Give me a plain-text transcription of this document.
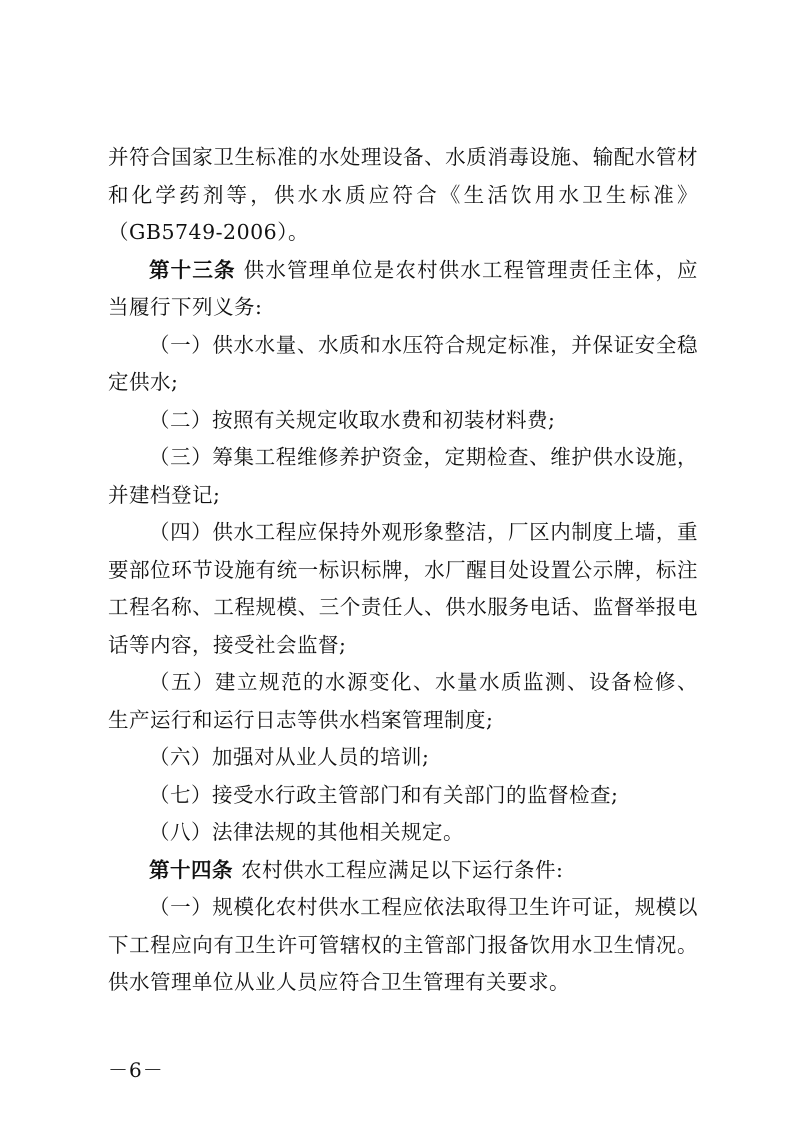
并符合国家卫生标准的水处理设备、水质消毒设施、输配水管材和化学药剂等，供水水质应符合《生活饮用水卫生标准》（GB5749-2006）。

第十三条 供水管理单位是农村供水工程管理责任主体，应当履行下列义务:

（一）供水水量、水质和水压符合规定标准，并保证安全稳定供水;

（二）按照有关规定收取水费和初装材料费;

（三）筹集工程维修养护资金，定期检查、维护供水设施，并建档登记;

（四）供水工程应保持外观形象整洁，厂区内制度上墙，重要部位环节设施有统一标识标牌，水厂醒目处设置公示牌，标注工程名称、工程规模、三个责任人、供水服务电话、监督举报电话等内容，接受社会监督;

（五）建立规范的水源变化、水量水质监测、设备检修、 生产运行和运行日志等供水档案管理制度;

（六）加强对从业人员的培训;

（七）接受水行政主管部门和有关部门的监督检查;

（八）法律法规的其他相关规定。

第十四条 农村供水工程应满足以下运行条件:

（一）规模化农村供水工程应依法取得卫生许可证，规模以下工程应向有卫生许可管辖权的主管部门报备饮用水卫生情况。供水管理单位从业人员应符合卫生管理有关要求。

－6－
